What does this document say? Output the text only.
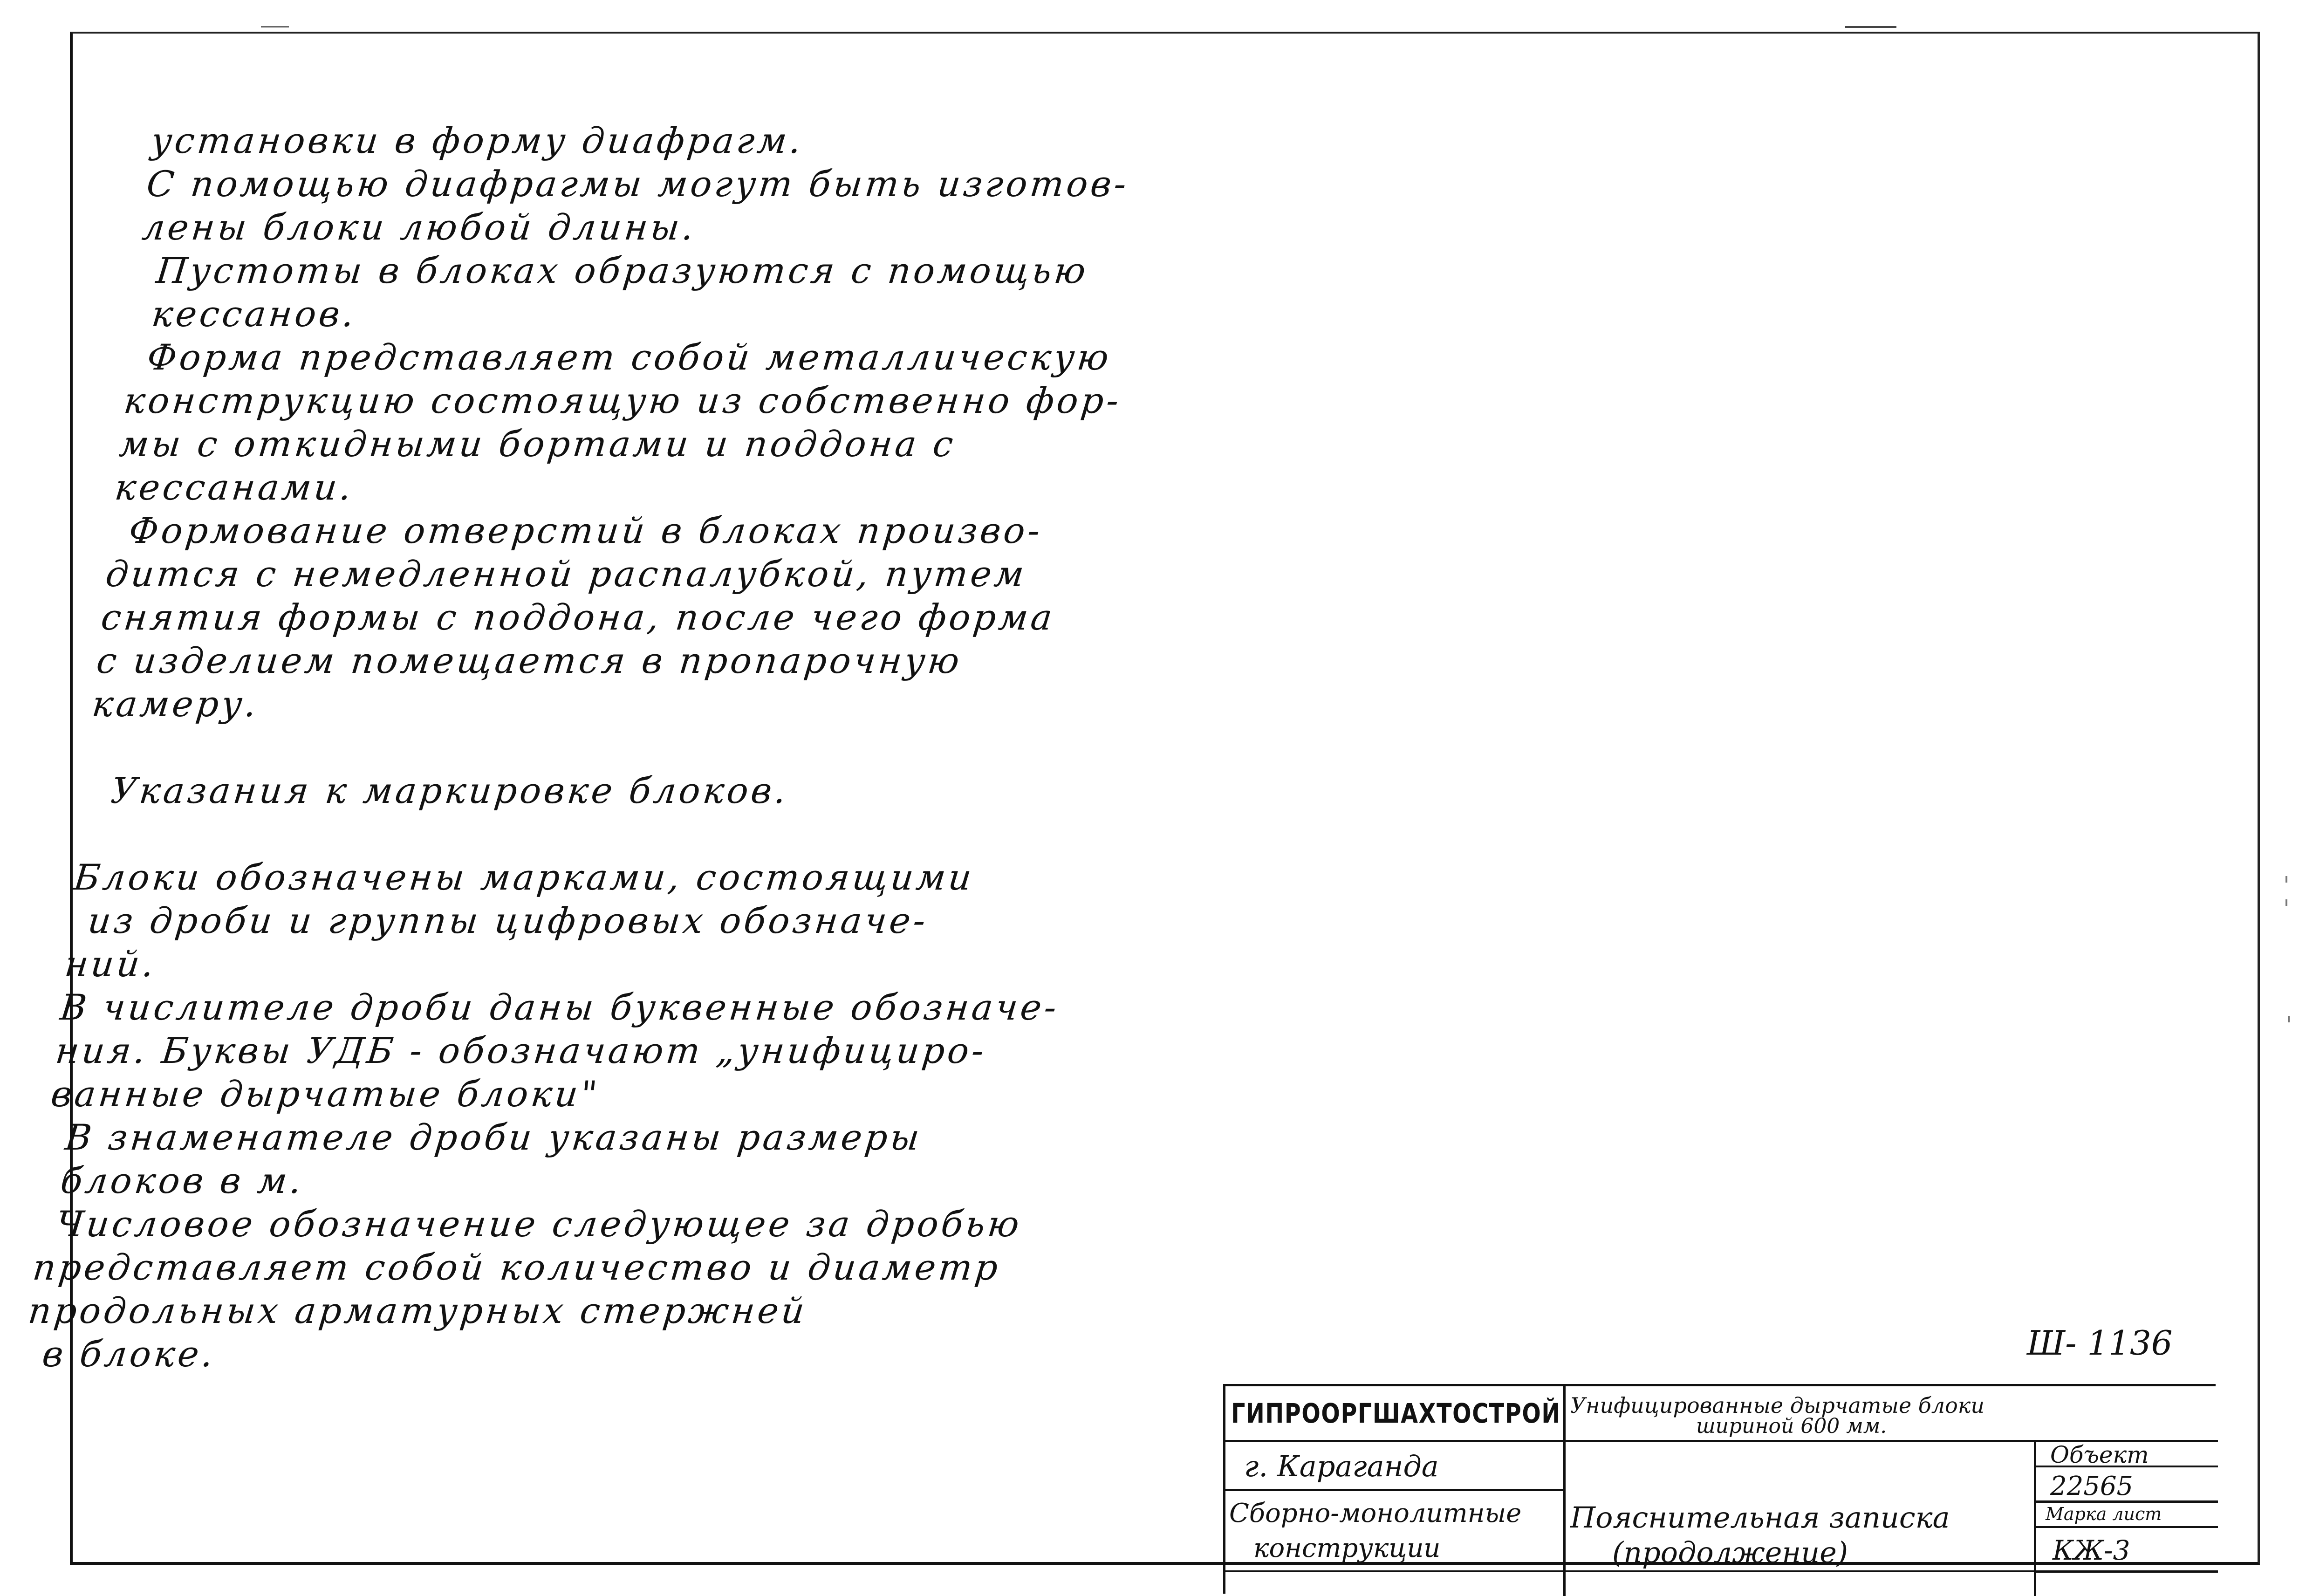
установки в форму диафрагм.
С помощью диафрагмы могут быть изготов-
лены блоки любой длины.
Пустоты в блоках образуются с помощью
кессанов.
Форма представляет собой металлическую
конструкцию состоящую из собственно фор-
мы с откидными бортами и поддона с
кессанами.
Формование отверстий в блоках произво-
дится с немедленной распалубкой, путем
снятия формы с поддона, после чего форма
с изделием помещается в пропарочную
камеру.
Указания к маркировке блоков.
Блоки обозначены марками, состоящими
из дроби и группы цифровых обозначе-
ний.
В числителе дроби даны буквенные обозначе-
ния. Буквы УДБ - обозначают „унифициро-
ванные дырчатые блоки"
В знаменателе дроби указаны размеры
блоков в м.
Числовое обозначение следующее за дробью
представляет собой количество и диаметр
продольных арматурных стержней
в блоке.	Ш- 1136
ГИПРООРГШАХТОСТРОЙ
г. Караганда
Сборно-монолитные
конструкции
Унифицированные дырчатые блоки
шириной 600 мм.
Пояснительная записка
(продолжение)
Объект
22565
Марка лист
КЖ-3
